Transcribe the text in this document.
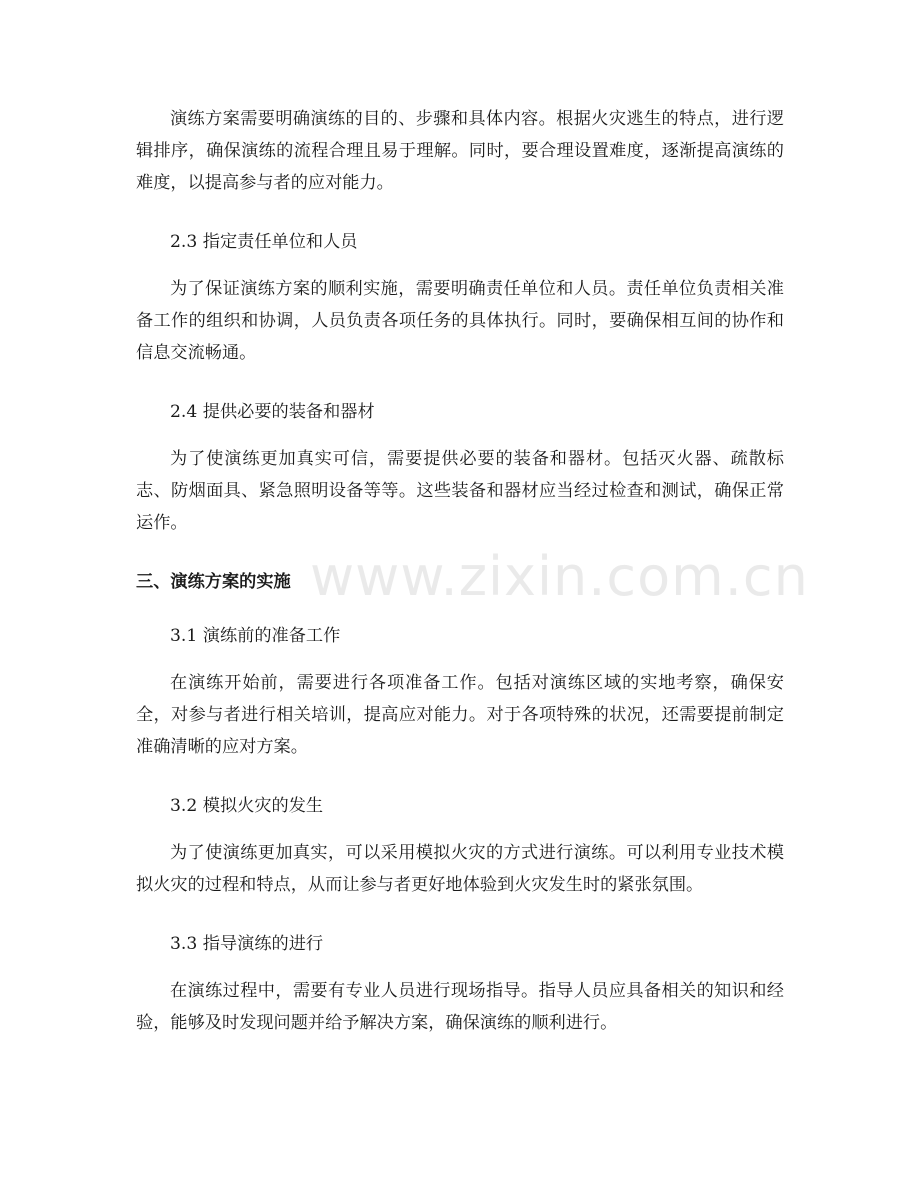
www.zixin.com.cn

演练方案需要明确演练的目的、步骤和具体内容。根据火灾逃生的特点，进行逻辑排序，确保演练的流程合理且易于理解。同时，要合理设置难度，逐渐提高演练的难度，以提高参与者的应对能力。

2.3 指定责任单位和人员

为了保证演练方案的顺利实施，需要明确责任单位和人员。责任单位负责相关准备工作的组织和协调，人员负责各项任务的具体执行。同时，要确保相互间的协作和信息交流畅通。

2.4 提供必要的装备和器材

为了使演练更加真实可信，需要提供必要的装备和器材。包括灭火器、疏散标志、防烟面具、紧急照明设备等等。这些装备和器材应当经过检查和测试，确保正常运作。

三、演练方案的实施

3.1 演练前的准备工作

在演练开始前，需要进行各项准备工作。包括对演练区域的实地考察，确保安全，对参与者进行相关培训，提高应对能力。对于各项特殊的状况，还需要提前制定准确清晰的应对方案。

3.2 模拟火灾的发生

为了使演练更加真实，可以采用模拟火灾的方式进行演练。可以利用专业技术模拟火灾的过程和特点，从而让参与者更好地体验到火灾发生时的紧张氛围。

3.3 指导演练的进行

在演练过程中，需要有专业人员进行现场指导。指导人员应具备相关的知识和经验，能够及时发现问题并给予解决方案，确保演练的顺利进行。
